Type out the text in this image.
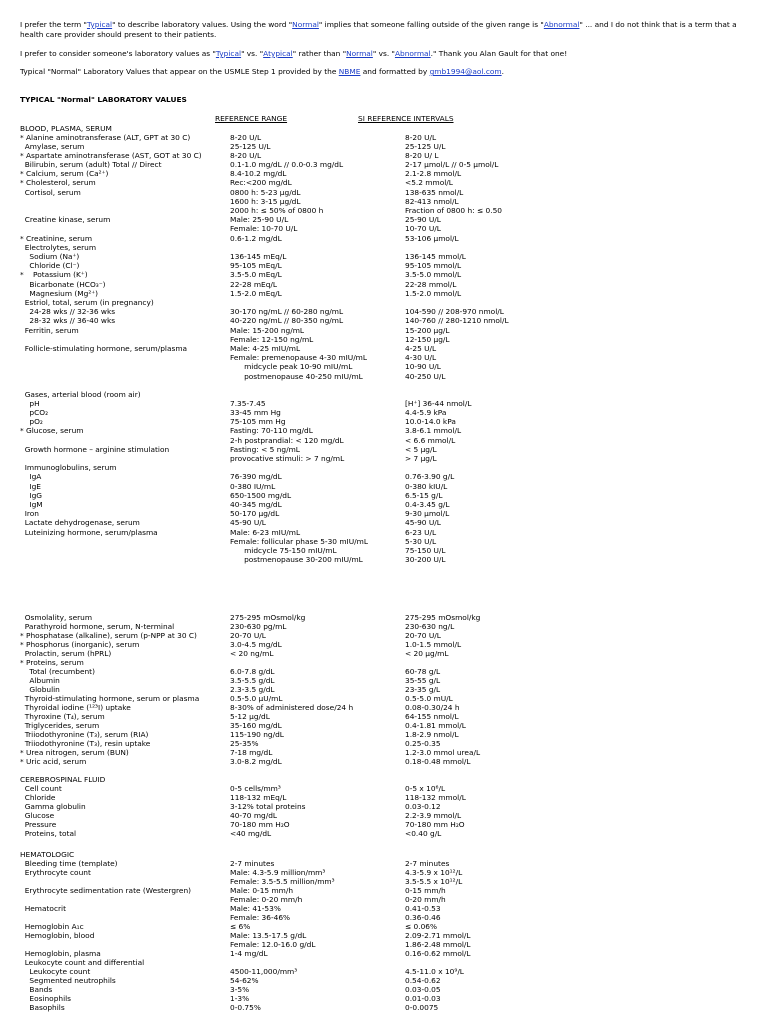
I prefer the term "Typical" to describe laboratory values. Using the word "Normal" implies that someone falling outside of the given range is "Abnormal" ... and I do not think that is a term that a health care provider should present to their patients.

I prefer to consider someone's laboratory values as "Typical" vs. "Atypical" rather than "Normal" vs. "Abnormal." Thank you Alan Gault for that one!

Typical "Normal" Laboratory Values that appear on the USMLE Step 1 provided by the NBME and formatted by gmb1994@aol.com.

TYPICAL "Normal" LABORATORY VALUES
REFERENCE RANGE	SI REFERENCE INTERVALS
BLOOD, PLASMA, SERUM
* Alanine aminotransferase (ALT, GPT at 30 C)	8-20 U/L	8-20 U/L
Amylase, serum	25-125 U/L	25-125 U/L
* Aspartate aminotransferase (AST, GOT at 30 C)	8-20 U/L	8-20 U/ L
Bilirubin, serum (adult) Total // Direct	0.1-1.0 mg/dL // 0.0-0.3 mg/dL	2-17 µmol/L // 0-5 µmol/L
* Calcium, serum (Ca²⁺)	8.4-10.2 mg/dL	2.1-2.8 mmol/L
* Cholesterol, serum	Rec:<200 mg/dL	<5.2 mmol/L
Cortisol, serum	0800 h: 5-23 µg/dL	138-635 nmol/L
1600 h: 3-15 µg/dL	82-413 nmol/L
2000 h: ≤ 50% of 0800 h	Fraction of 0800 h: ≤ 0.50
Creatine kinase, serum	Male: 25-90 U/L	25-90 U/L
Female: 10-70 U/L	10-70 U/L
* Creatinine, serum	0.6-1.2 mg/dL	53-106 µmol/L
Electrolytes, serum
Sodium (Na⁺)	136-145 mEq/L	136-145 mmol/L
Chloride (Cl⁻)	95-105 mEq/L	95-105 mmol/L
* Potassium (K⁺)	3.5-5.0 mEq/L	3.5-5.0 mmol/L
Bicarbonate (HCO₃⁻)	22-28 mEq/L	22-28 mmol/L
Magnesium (Mg²⁺)	1.5-2.0 mEq/L	1.5-2.0 mmol/L
Estriol, total, serum (in pregnancy)
24-28 wks // 32-36 wks	30-170 ng/mL // 60-280 ng/mL	104-590 // 208-970 nmol/L
28-32 wks // 36-40 wks	40-220 ng/mL // 80-350 ng/mL	140-760 // 280-1210 nmol/L
Ferritin, serum	Male: 15-200 ng/mL	15-200 µg/L
Female: 12-150 ng/mL	12-150 µg/L
Follicle-stimulating hormone, serum/plasma	Male: 4-25 mIU/mL	4-25 U/L
Female: premenopause 4-30 mIU/mL	4-30 U/L
midcycle peak 10-90 mIU/mL	10-90 U/L
postmenopause 40-250 mIU/mL	40-250 U/L
Gases, arterial blood (room air)
pH	7.35-7.45	[H⁺] 36-44 nmol/L
pCO₂	33-45 mm Hg	4.4-5.9 kPa
pO₂	75-105 mm Hg	10.0-14.0 kPa
* Glucose, serum	Fasting: 70-110 mg/dL	3.8-6.1 mmol/L
2-h postprandial: < 120 mg/dL	< 6.6 mmol/L
Growth hormone – arginine stimulation	Fasting: < 5 ng/mL	< 5 µg/L
provocative stimuli: > 7 ng/mL	> 7 µg/L
Immunoglobulins, serum
IgA	76-390 mg/dL	0.76-3.90 g/L
IgE	0-380 IU/mL	0-380 kIU/L
IgG	650-1500 mg/dL	6.5-15 g/L
IgM	40-345 mg/dL	0.4-3.45 g/L
Iron	50-170 µg/dL	9-30 µmol/L
Lactate dehydrogenase, serum	45-90 U/L	45-90 U/L
Luteinizing hormone, serum/plasma	Male: 6-23 mIU/mL	6-23 U/L
Female: follicular phase 5-30 mIU/mL	5-30 U/L
midcycle 75-150 mIU/mL	75-150 U/L
postmenopause 30-200 mIU/mL	30-200 U/L
Osmolality, serum	275-295 mOsmol/kg	275-295 mOsmol/kg
Parathyroid hormone, serum, N-terminal	230-630 pg/mL	230-630 ng/L
* Phosphatase (alkaline), serum (p-NPP at 30 C)	20-70 U/L	20-70 U/L
* Phosphorus (inorganic), serum	3.0-4.5 mg/dL	1.0-1.5 mmol/L
Prolactin, serum (hPRL)	< 20 ng/mL	< 20 µg/mL
* Proteins, serum
Total (recumbent)	6.0-7.8 g/dL	60-78 g/L
Albumin	3.5-5.5 g/dL	35-55 g/L
Globulin	2.3-3.5 g/dL	23-35 g/L
Thyroid-stimulating hormone, serum or plasma	0.5-5.0 µU/mL	0.5-5.0 mU/L
Thyroidal iodine (¹²³I) uptake	8-30% of administered dose/24 h	0.08-0.30/24 h
Thyroxine (T₄), serum	5-12 µg/dL	64-155 nmol/L
Triglycerides, serum	35-160 mg/dL	0.4-1.81 mmol/L
Triiodothyronine (T₃), serum (RIA)	115-190 ng/dL	1.8-2.9 nmol/L
Triiodothyronine (T₃), resin uptake	25-35%	0.25-0.35
* Urea nitrogen, serum (BUN)	7-18 mg/dL	1.2-3.0 mmol urea/L
* Uric acid, serum	3.0-8.2 mg/dL	0.18-0.48 mmol/L
CEREBROSPINAL FLUID
Cell count	0-5 cells/mm³	0-5 x 10⁶/L
Chloride	118-132 mEq/L	118-132 mmol/L
Gamma globulin	3-12% total proteins	0.03-0.12
Glucose	40-70 mg/dL	2.2-3.9 mmol/L
Pressure	70-180 mm H₂O	70-180 mm H₂O
Proteins, total	<40 mg/dL	<0.40 g/L
HEMATOLOGIC
Bleeding time (template)	2-7 minutes	2-7 minutes
Erythrocyte count	Male: 4.3-5.9 million/mm³	4.3-5.9 x 10¹²/L
Female: 3.5-5.5 million/mm³	3.5-5.5 x 10¹²/L
Erythrocyte sedimentation rate (Westergren)	Male: 0-15 mm/h	0-15 mm/h
Female: 0-20 mm/h	0-20 mm/h
Hematocrit	Male: 41-53%	0.41-0.53
Female: 36-46%	0.36-0.46
Hemoglobin A₁c	≤ 6%	≤ 0.06%
Hemoglobin, blood	Male: 13.5-17.5 g/dL	2.09-2.71 mmol/L
Female: 12.0-16.0 g/dL	1.86-2.48 mmol/L
Hemoglobin, plasma	1-4 mg/dL	0.16-0.62 mmol/L
Leukocyte count and differential
Leukocyte count	4500-11,000/mm³	4.5-11.0 x 10⁹/L
Segmented neutrophils	54-62%	0.54-0.62
Bands	3-5%	0.03-0.05
Eosinophils	1-3%	0.01-0.03
Basophils	0-0.75%	0-0.0075
